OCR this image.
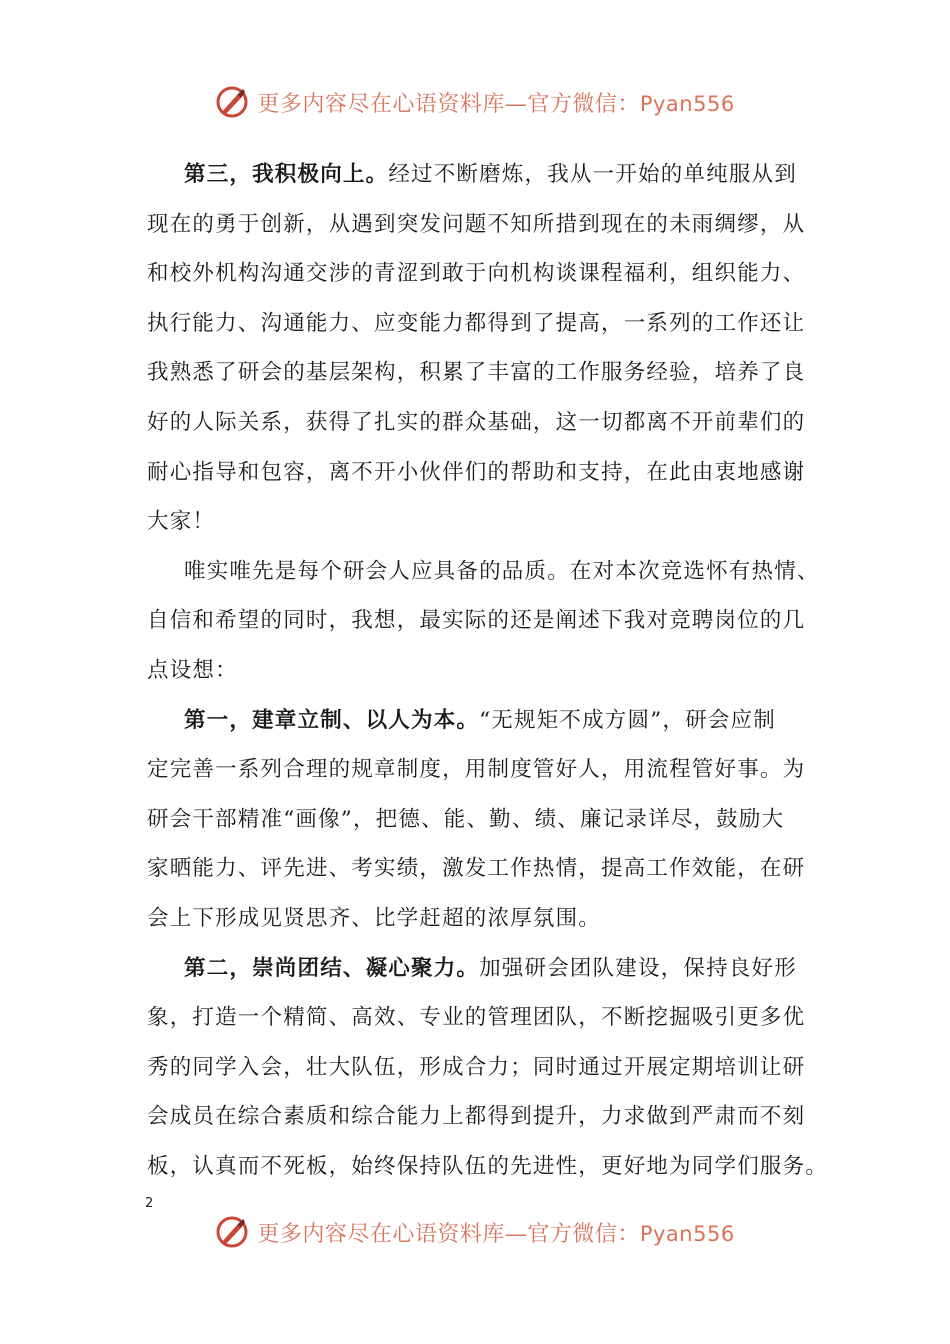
更多内容尽在心语资料库—官方微信：Pyan556
第三，我积极向上。经过不断磨炼，我从一开始的单纯服从到
现在的勇于创新，从遇到突发问题不知所措到现在的未雨绸缪，从
和校外机构沟通交涉的青涩到敢于向机构谈课程福利，组织能力、
执行能力、沟通能力、应变能力都得到了提高，一系列的工作还让
我熟悉了研会的基层架构，积累了丰富的工作服务经验，培养了良
好的人际关系，获得了扎实的群众基础，这一切都离不开前辈们的
耐心指导和包容，离不开小伙伴们的帮助和支持，在此由衷地感谢
大家！
唯实唯先是每个研会人应具备的品质。在对本次竞选怀有热情、
自信和希望的同时，我想，最实际的还是阐述下我对竞聘岗位的几
点设想：
第一，建章立制、以人为本。“无规矩不成方圆”，研会应制
定完善一系列合理的规章制度，用制度管好人，用流程管好事。为
研会干部精准“画像”，把德、能、勤、绩、廉记录详尽，鼓励大
家晒能力、评先进、考实绩，激发工作热情，提高工作效能，在研
会上下形成见贤思齐、比学赶超的浓厚氛围。
第二，崇尚团结、凝心聚力。加强研会团队建设，保持良好形
象，打造一个精简、高效、专业的管理团队，不断挖掘吸引更多优
秀的同学入会，壮大队伍，形成合力；同时通过开展定期培训让研
会成员在综合素质和综合能力上都得到提升，力求做到严肃而不刻
板，认真而不死板，始终保持队伍的先进性，更好地为同学们服务。
2
更多内容尽在心语资料库—官方微信：Pyan556
